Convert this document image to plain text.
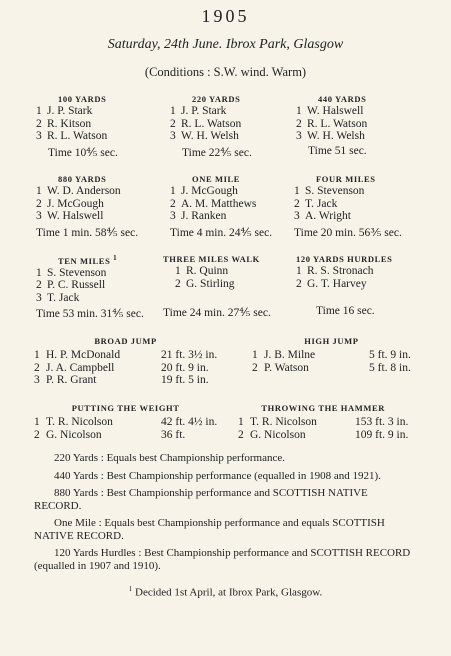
1905
Saturday, 24th June. Ibrox Park, Glasgow
(Conditions : S.W. wind. Warm)
100 YARDS
1 J. P. Stark
2 R. Kitson
3 R. L. Watson
Time 10⅘ sec.
220 YARDS
1 J. P. Stark
2 R. L. Watson
3 W. H. Welsh
Time 22⅘ sec.
440 YARDS
1 W. Halswell
2 R. L. Watson
3 W. H. Welsh
Time 51 sec.
880 YARDS
1 W. D. Anderson
2 J. McGough
3 W. Halswell
Time 1 min. 58⅘ sec.
ONE MILE
1 J. McGough
2 A. M. Matthews
3 J. Ranken
Time 4 min. 24⅘ sec.
FOUR MILES
1 S. Stevenson
2 T. Jack
3 A. Wright
Time 20 min. 56⅗ sec.
TEN MILES $^1$
1 S. Stevenson
2 P. C. Russell
3 T. Jack
Time 53 min. 31⅘ sec.
THREE MILES WALK
1 R. Quinn
2 G. Stirling
Time 24 min. 27⅘ sec.
120 YARDS HURDLES
1 R. S. Stronach
2 G. T. Harvey
Time 16 sec.
BROAD JUMP
1 H. P. McDonald	21 ft. 3½ in.
2 J. A. Campbell	20 ft. 9 in.
3 P. R. Grant	19 ft. 5 in.
HIGH JUMP
1 J. B. Milne	5 ft. 9 in.
2 P. Watson	5 ft. 8 in.
PUTTING THE WEIGHT
1 T. R. Nicolson	42 ft. 4½ in.
2 G. Nicolson	36 ft.
THROWING THE HAMMER
1 T. R. Nicolson	153 ft. 3 in.
2 G. Nicolson	109 ft. 9 in.

220 Yards : Equals best Championship performance.

440 Yards : Best Championship performance (equalled in 1908 and 1921).

880 Yards : Best Championship performance and SCOTTISH NATIVE RECORD.

One Mile : Equals best Championship performance and equals SCOTTISH NATIVE RECORD.

120 Yards Hurdles : Best Championship performance and SCOTTISH RECORD (equalled in 1907 and 1910).

$^1$ Decided 1st April, at Ibrox Park, Glasgow.
